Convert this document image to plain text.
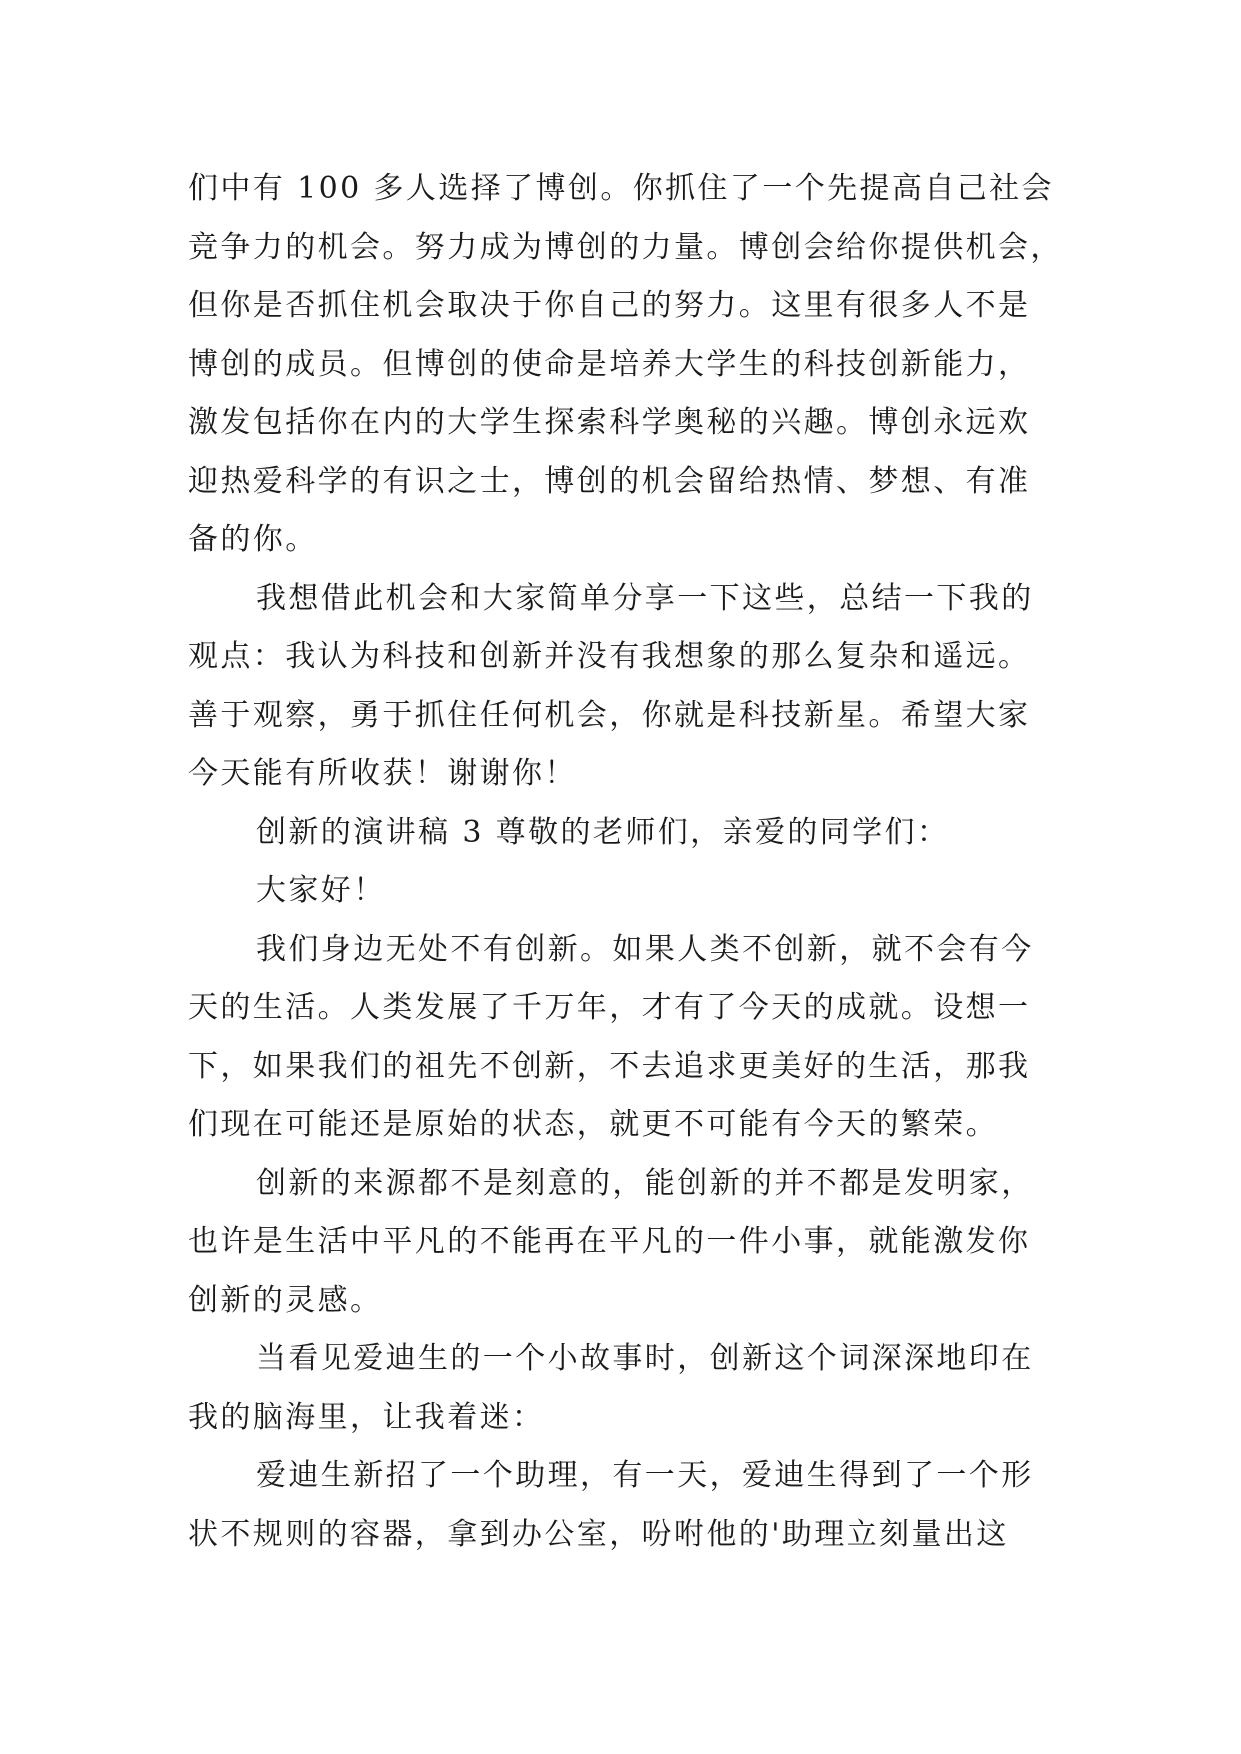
们中有 100 多人选择了博创。你抓住了一个先提高自己社会
竞争力的机会。努力成为博创的力量。博创会给你提供机会，
但你是否抓住机会取决于你自己的努力。这里有很多人不是
博创的成员。但博创的使命是培养大学生的科技创新能力，
激发包括你在内的大学生探索科学奥秘的兴趣。博创永远欢
迎热爱科学的有识之士，博创的机会留给热情、梦想、有准
备的你。
我想借此机会和大家简单分享一下这些，总结一下我的
观点：我认为科技和创新并没有我想象的那么复杂和遥远。
善于观察，勇于抓住任何机会，你就是科技新星。希望大家
今天能有所收获！谢谢你！
创新的演讲稿 3 尊敬的老师们，亲爱的同学们：
大家好！
我们身边无处不有创新。如果人类不创新，就不会有今
天的生活。人类发展了千万年，才有了今天的成就。设想一
下，如果我们的祖先不创新，不去追求更美好的生活，那我
们现在可能还是原始的状态，就更不可能有今天的繁荣。
创新的来源都不是刻意的，能创新的并不都是发明家，
也许是生活中平凡的不能再在平凡的一件小事，就能激发你
创新的灵感。
当看见爱迪生的一个小故事时，创新这个词深深地印在
我的脑海里，让我着迷：
爱迪生新招了一个助理，有一天，爱迪生得到了一个形
状不规则的容器，拿到办公室，吩咐他的'助理立刻量出这
